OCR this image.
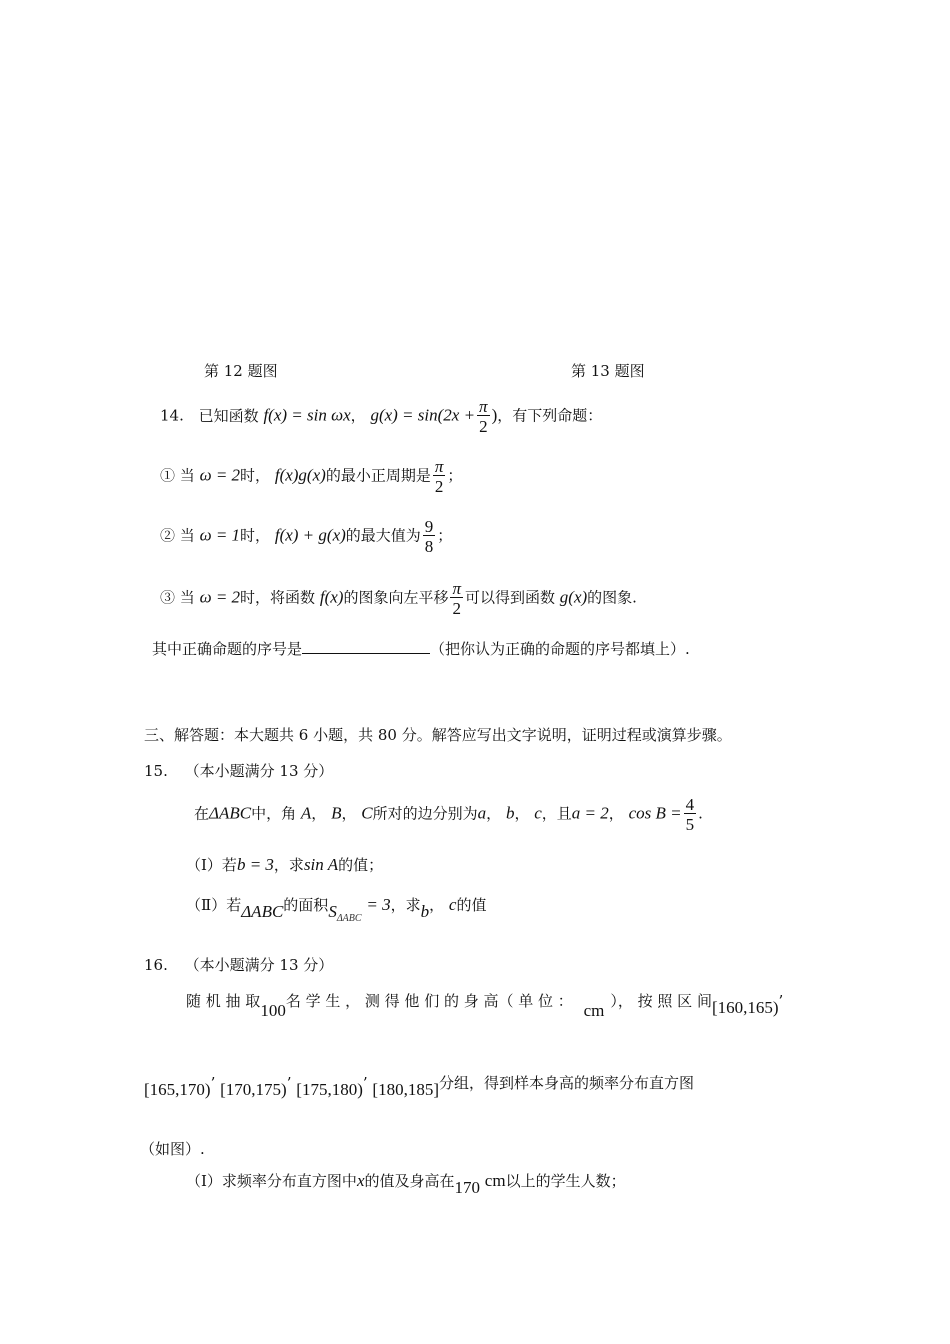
第 12 题图	第 13 题图
14. 已知函数 f(x) = sin ωx， $g(x) = \sin(2x + \frac{\pi}{2}$ )，有下列命题：
① 当 ω = 2时， f(x)g(x)的最小正周期是 $\frac{\pi}{2}$ ；
② 当 ω = 1时， f(x) + g(x)的最大值为 $\frac{9}{8}$ ；
③ 当 ω = 2时，将函数 f(x)的图象向左平移 $\frac{\pi}{2}$ 可以得到函数 g(x)的图象.
其中正确命题的序号是	（把你认为正确的命题的序号都填上）.
三、解答题：本大题共 6 小题，共 80 分。解答应写出文字说明，证明过程或演算步骤。
15. （本小题满分 13 分）
在ΔABC中，角 A， B， C所对的边分别为a， b， c，且a = 2， $\cos B = \frac{4}{5}$ .
（Ⅰ）若b = 3，求sin A的值；
（Ⅱ）若ΔABC的面积$S_{\Delta ABC} = 3$，求b， c的值
16. （本小题满分 13 分）
随 机 抽 取100名 学 生 ， 测 得 他 们 的 身 高（ 单 位 ： cm ）， 按 照 区 间[160,165)’
[165,170)’ [170,175)’ [175,180)’ [180,185]分组，得到样本身高的频率分布直方图
（如图）.
（Ⅰ）求频率分布直方图中x的值及身高在170 cm以上的学生人数；
